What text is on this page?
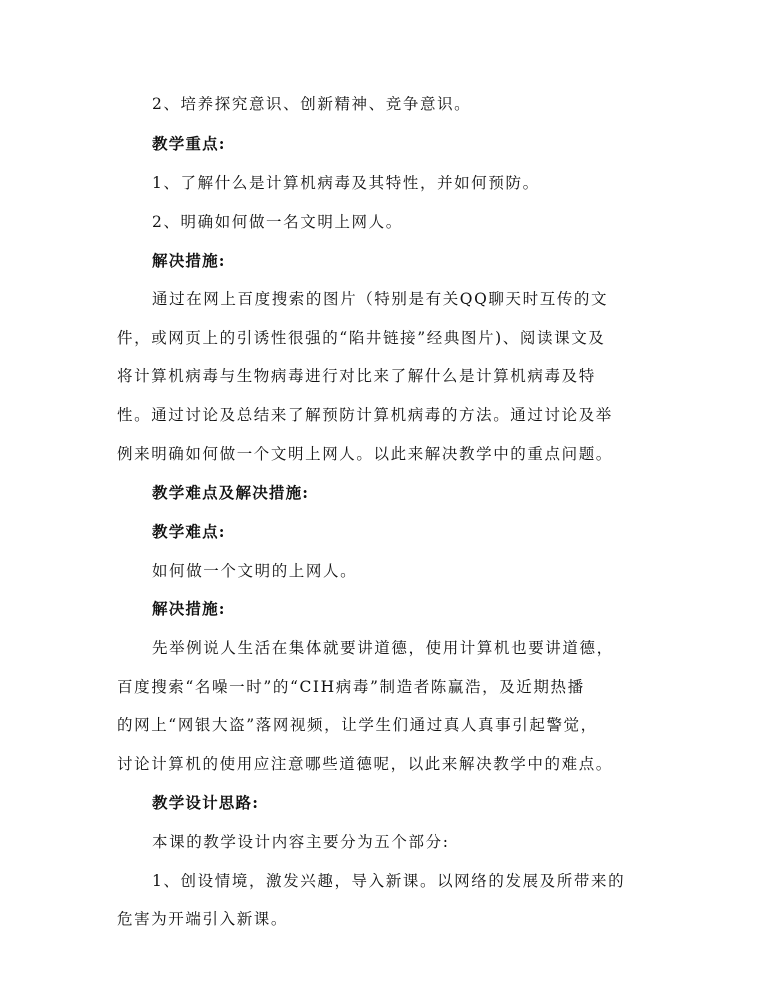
2、培养探究意识、创新精神、竞争意识。
教学重点:
1、了解什么是计算机病毒及其特性，并如何预防。
2、明确如何做一名文明上网人。
解决措施:
通过在网上百度搜索的图片（特别是有关QQ聊天时互传的文
件，或网页上的引诱性很强的“陷井链接”经典图片)、阅读课文及
将计算机病毒与生物病毒进行对比来了解什么是计算机病毒及特
性。通过讨论及总结来了解预防计算机病毒的方法。通过讨论及举
例来明确如何做一个文明上网人。以此来解决教学中的重点问题。
教学难点及解决措施:
教学难点:
如何做一个文明的上网人。
解决措施:
先举例说人生活在集体就要讲道德，使用计算机也要讲道德，
百度搜索“名噪一时”的“CIH病毒”制造者陈赢浩，及近期热播
的网上“网银大盗”落网视频，让学生们通过真人真事引起警觉，
讨论计算机的使用应注意哪些道德呢，以此来解决教学中的难点。
教学设计思路:
本课的教学设计内容主要分为五个部分:
1、创设情境，激发兴趣，导入新课。以网络的发展及所带来的
危害为开端引入新课。
